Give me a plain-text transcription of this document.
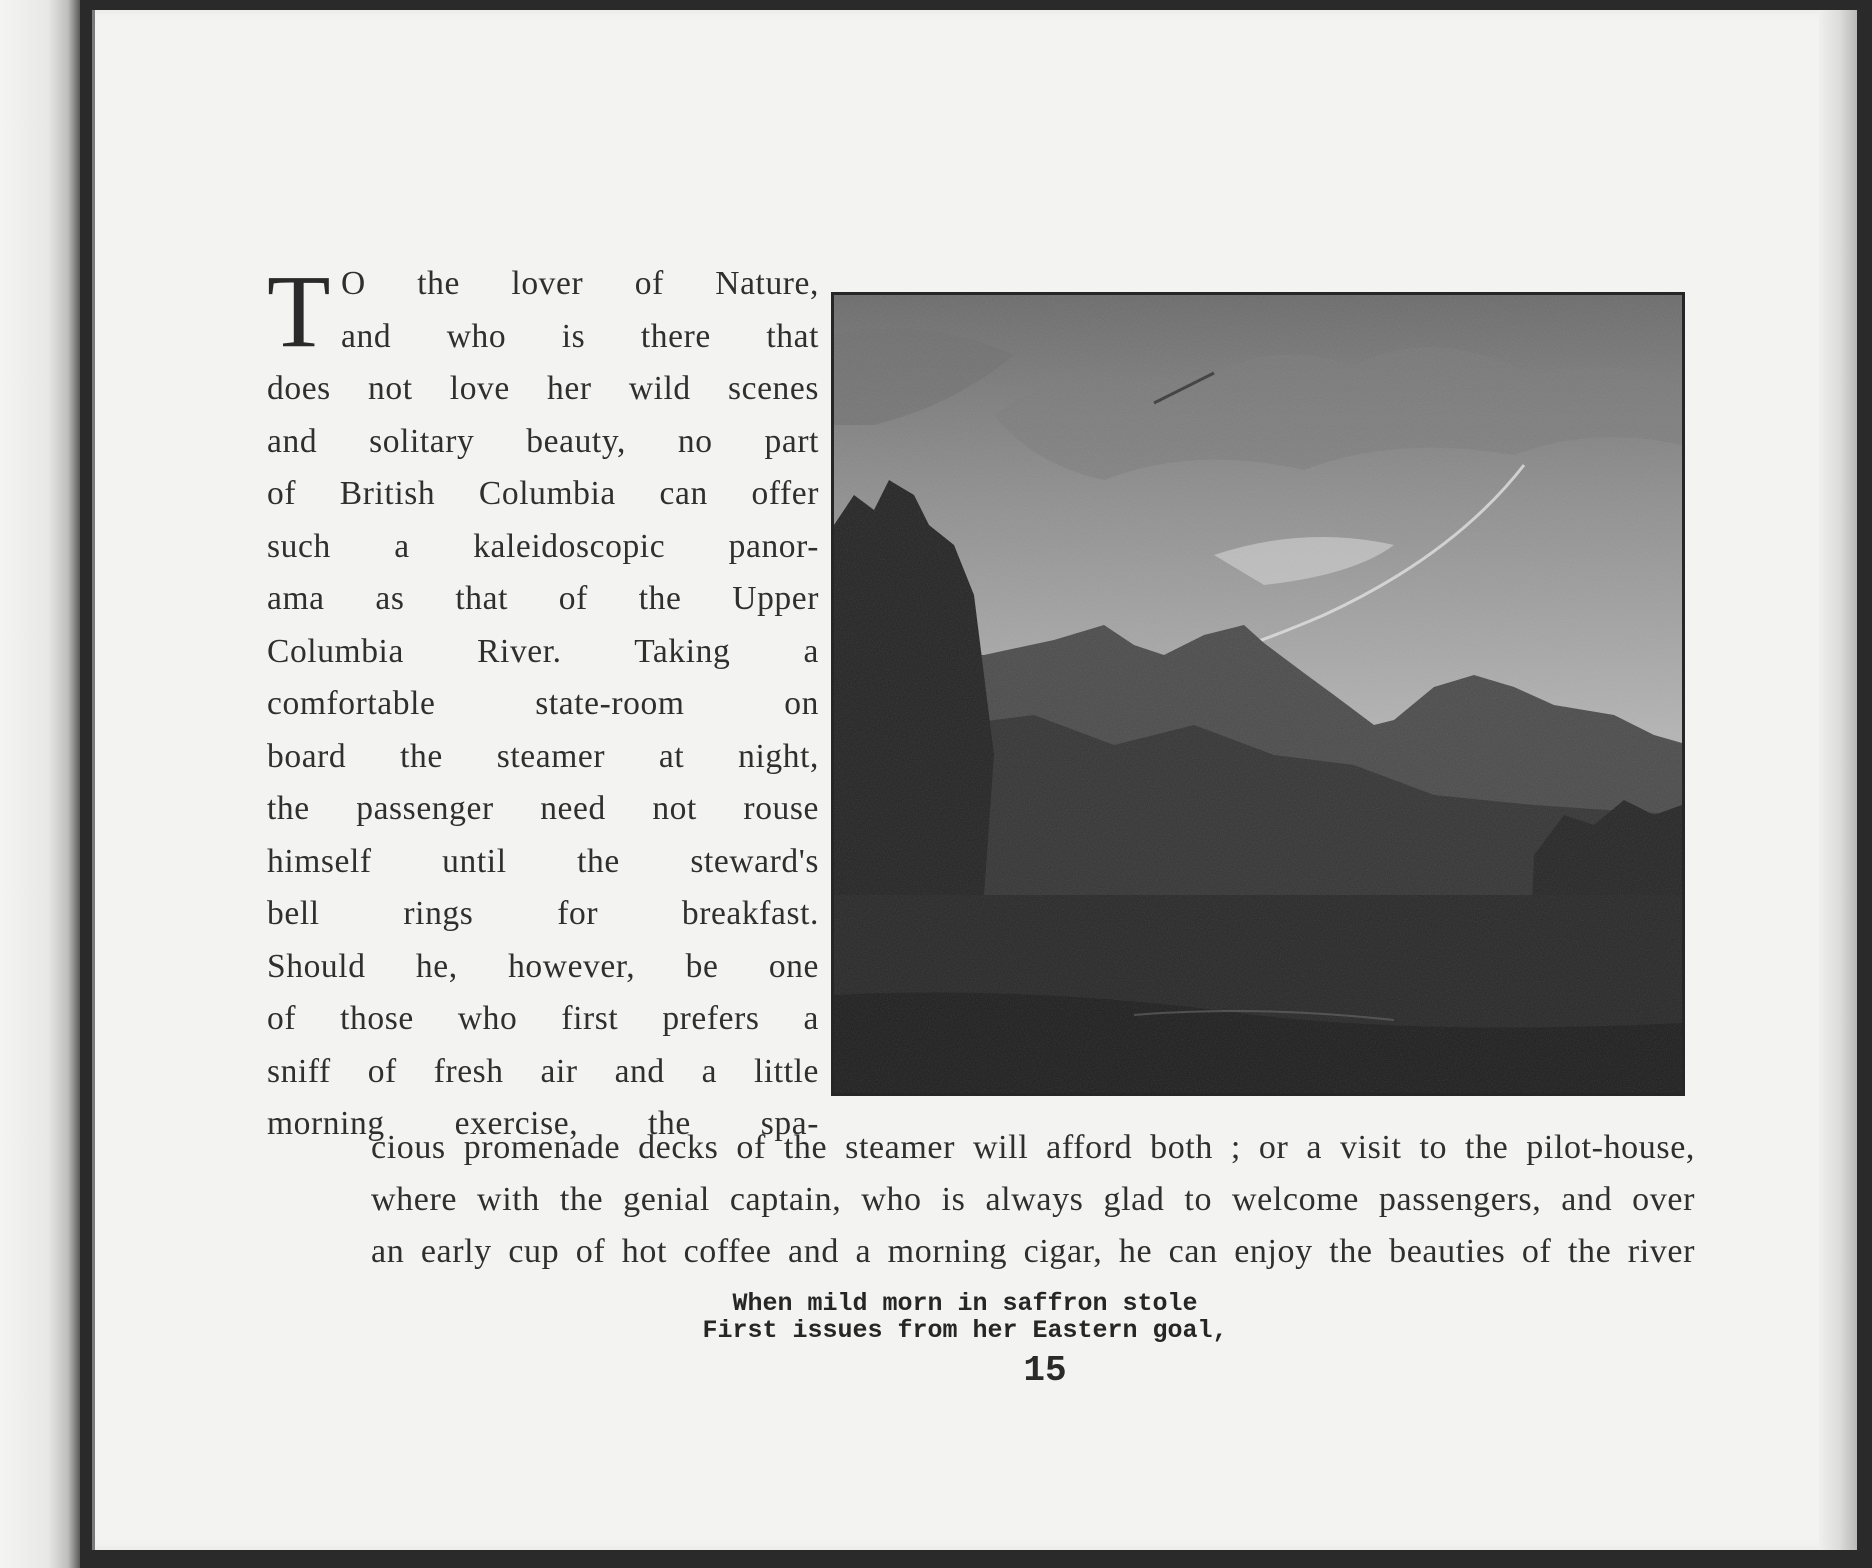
T O the lover of Nature,
and who is there that
does not love her wild scenes
and solitary beauty, no part
of British Columbia can offer
such a kaleidoscopic panor-
ama as that of the Upper
Columbia River. Taking a
comfortable state-room on
board the steamer at night,
the passenger need not rouse
himself until the steward's
bell rings for breakfast.
Should he, however, be one
of those who first prefers a
sniff of fresh air and a little
morning exercise, the spa-
cious promenade decks of the steamer will afford both ; or a visit to the pilot-house,
where with the genial captain, who is always glad to welcome passengers, and over
an early cup of hot coffee and a morning cigar, he can enjoy the beauties of the river
When mild morn in saffron stole
First issues from her Eastern goal,
15
